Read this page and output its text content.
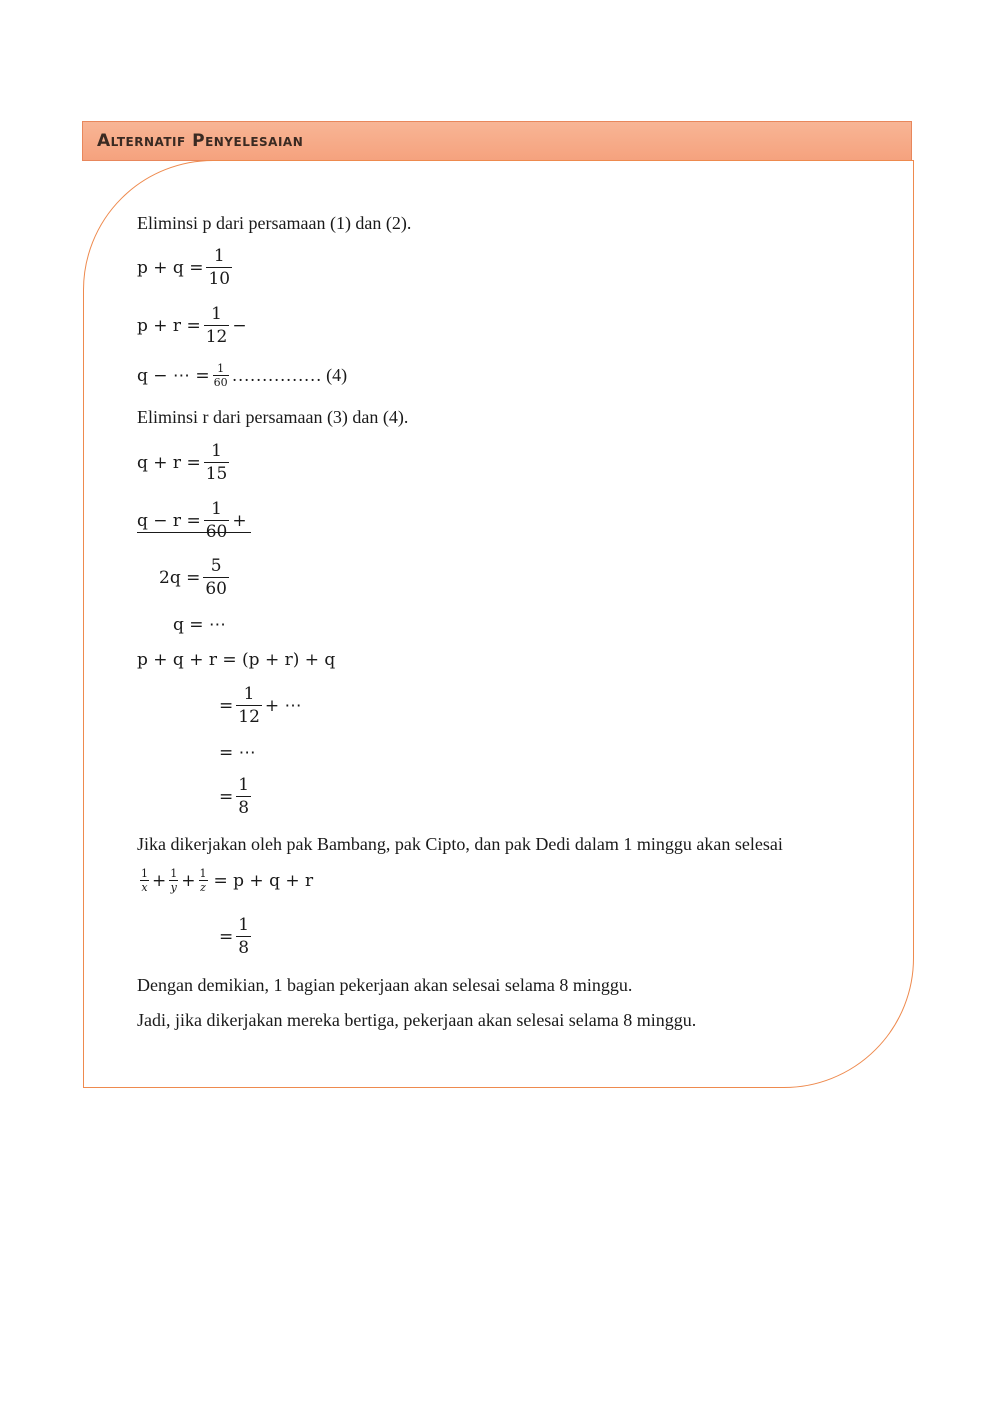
Alternatif Penyelesaian
Eliminsi p dari persamaan (1) dan (2).
$p + q = \frac{1}{10}$
$p + r = \frac{1}{12}$ −
q − ⋯ = $\frac{1}{60}$ …………… (4)
Eliminsi r dari persamaan (3) dan (4).
$q + r = \frac{1}{15}$
$q - r = \frac{1}{60}$ +
$2q = \frac{5}{60}$
q = ⋯
p + q + r = (p + r) + q
= $\frac{1}{12}$ + ⋯
= ⋯
= $\frac{1}{8}$
Jika dikerjakan oleh pak Bambang, pak Cipto, dan pak Dedi dalam 1 minggu akan selesai
$\frac{1}{x} + \frac{1}{y} + \frac{1}{z} = p + q + r$
= $\frac{1}{8}$
Dengan demikian, 1 bagian pekerjaan akan selesai selama 8 minggu.
Jadi, jika dikerjakan mereka bertiga, pekerjaan akan selesai selama 8 minggu.
